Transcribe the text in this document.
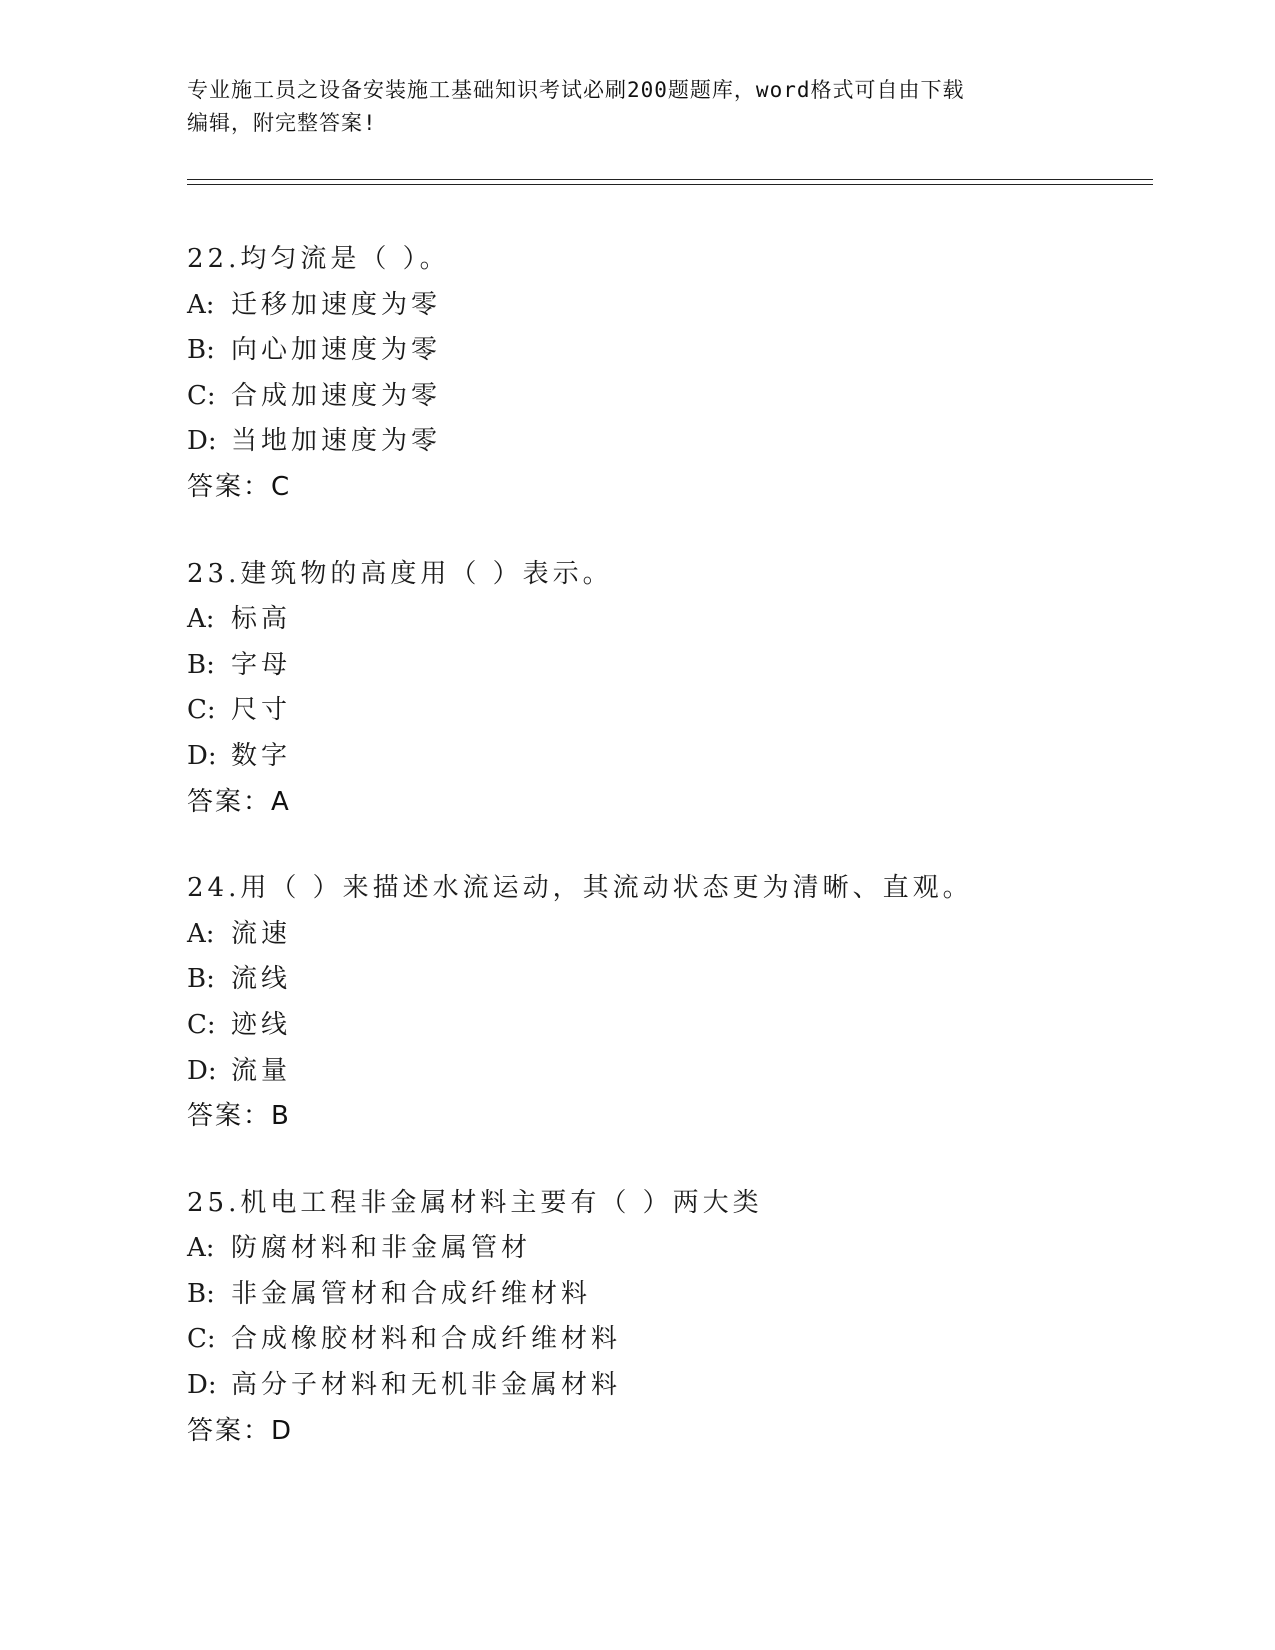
专业施工员之设备安装施工基础知识考试必刷200题题库，word格式可自由下载
编辑，附完整答案!
22.均匀流是（ ）。
A: 迁移加速度为零
B: 向心加速度为零
C: 合成加速度为零
D: 当地加速度为零
答案：C
23.建筑物的高度用（ ）表示。
A: 标高
B: 字母
C: 尺寸
D: 数字
答案：A
24.用（ ）来描述水流运动，其流动状态更为清晰、直观。
A: 流速
B: 流线
C: 迹线
D: 流量
答案：B
25.机电工程非金属材料主要有（ ）两大类
A: 防腐材料和非金属管材
B: 非金属管材和合成纤维材料
C: 合成橡胶材料和合成纤维材料
D: 高分子材料和无机非金属材料
答案：D
